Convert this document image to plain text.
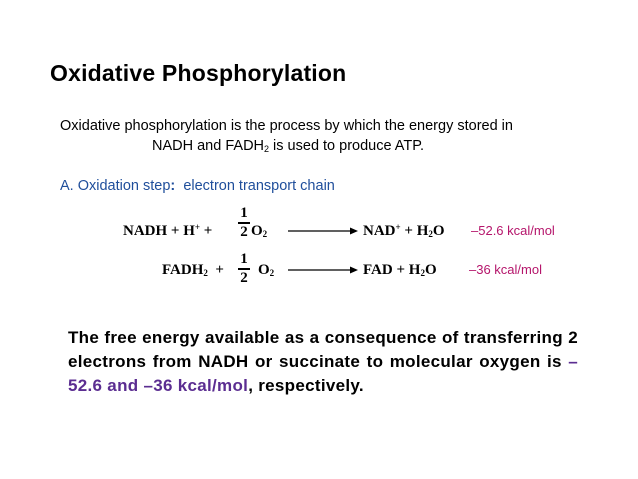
Oxidative Phosphorylation
Oxidative phosphorylation is the process by which the energy stored in
NADH and $FADH_2$ is used to produce ATP.
A. Oxidation step:  electron transport chain
NADH + H+ +
1
2 $O_2$	$NAD^+ + H_2O$ –52.6 kcal/mol
$FADH_2$  +
1
2 $O_2$	FAD + $H_2O$ –36 kcal/mol
The free energy available as a consequence of transferring 2 electrons from NADH or succinate to molecular oxygen is –52.6 and –36 kcal/mol, respectively.
